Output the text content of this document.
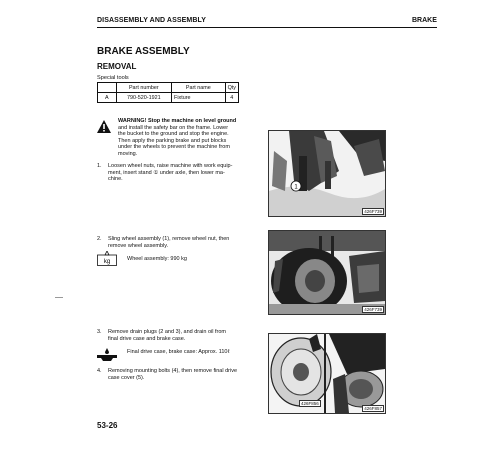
DISASSEMBLY AND ASSEMBLY	BRAKE
BRAKE ASSEMBLY
REMOVAL
Special tools
	Part number	Part name	Qty
A	790-520-1921	Fixture	4
WARNING! Stop the machine on level ground
and install the safety bar on the frame. Lower
the bucket to the ground and stop the engine.
Then apply the parking brake and put blocks
under the wheels to prevent the machine from
moving.
1. Loosen wheel nuts, raise machine with work equip-
ment, insert stand ① under axle, then lower ma-
chine.
2. Sling wheel assembly (1), remove wheel nut, then
remove wheel assembly.
kg	Wheel assembly: 990 kg
3. Remove drain plugs (2 and 3), and drain oil from
final drive case and brake case.
Final drive case, brake case: Approx. 110ℓ
4. Removing mounting bolts (4), then remove final drive
case cover (5).
1
426F739
426F739
426F856
426F857
53-26
